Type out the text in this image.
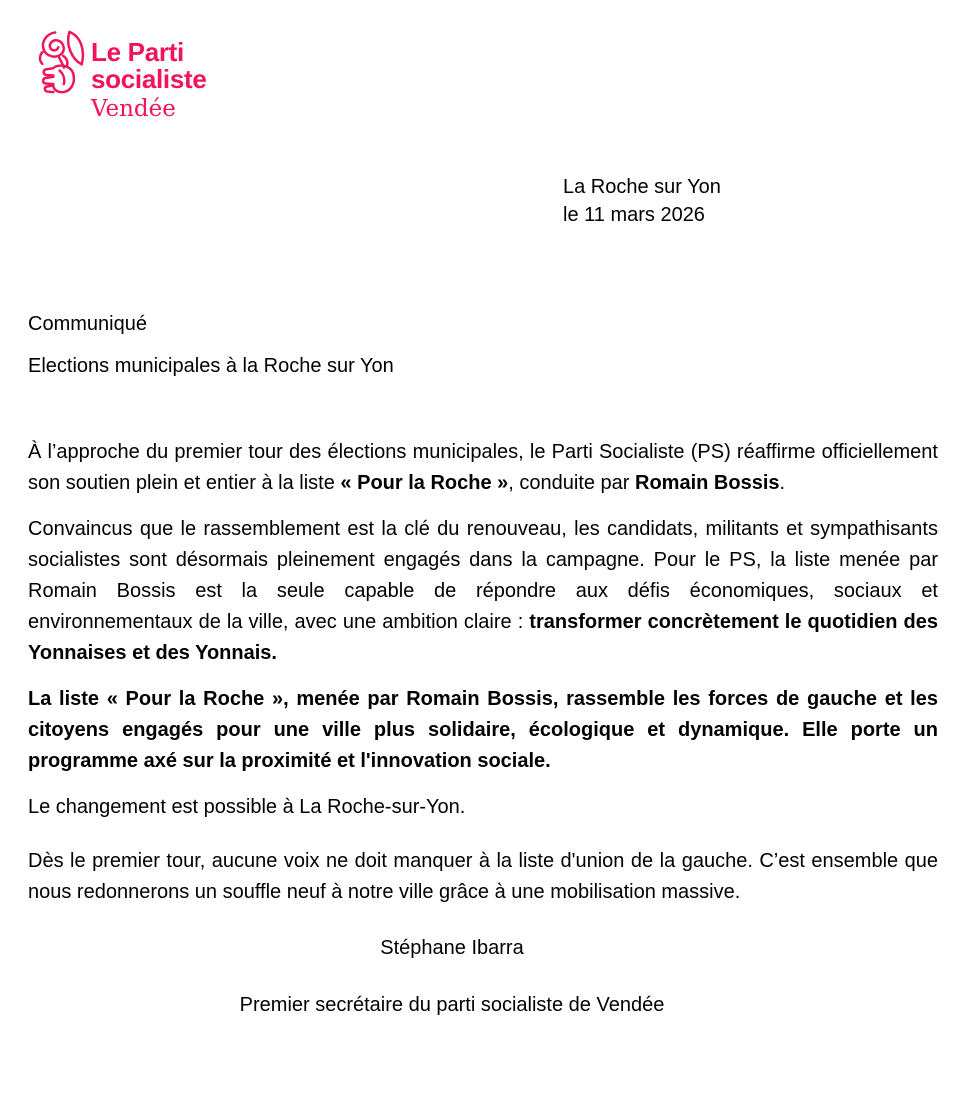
Le Parti
socialiste
Vendée
La Roche sur Yon
le 11 mars 2026
Communiqué
Elections municipales à la Roche sur Yon

À l’approche du premier tour des élections municipales, le Parti Socialiste (PS) réaffirme officiellement son soutien plein et entier à la liste « Pour la Roche », conduite par Romain Bossis.

Convaincus que le rassemblement est la clé du renouveau, les candidats, militants et sympathisants socialistes sont désormais pleinement engagés dans la campagne. Pour le PS, la liste menée par Romain Bossis est la seule capable de répondre aux défis économiques, sociaux et environnementaux de la ville, avec une ambition claire : transformer concrètement le quotidien des Yonnaises et des Yonnais.

La liste « Pour la Roche », menée par Romain Bossis, rassemble les forces de gauche et les citoyens engagés pour une ville plus solidaire, écologique et dynamique. Elle porte un programme axé sur la proximité et l'innovation sociale.

Le changement est possible à La Roche-sur-Yon.

Dès le premier tour, aucune voix ne doit manquer à la liste d'union de la gauche. C’est ensemble que nous redonnerons un souffle neuf à notre ville grâce à une mobilisation massive.

Stéphane Ibarra

Premier secrétaire du parti socialiste de Vendée
